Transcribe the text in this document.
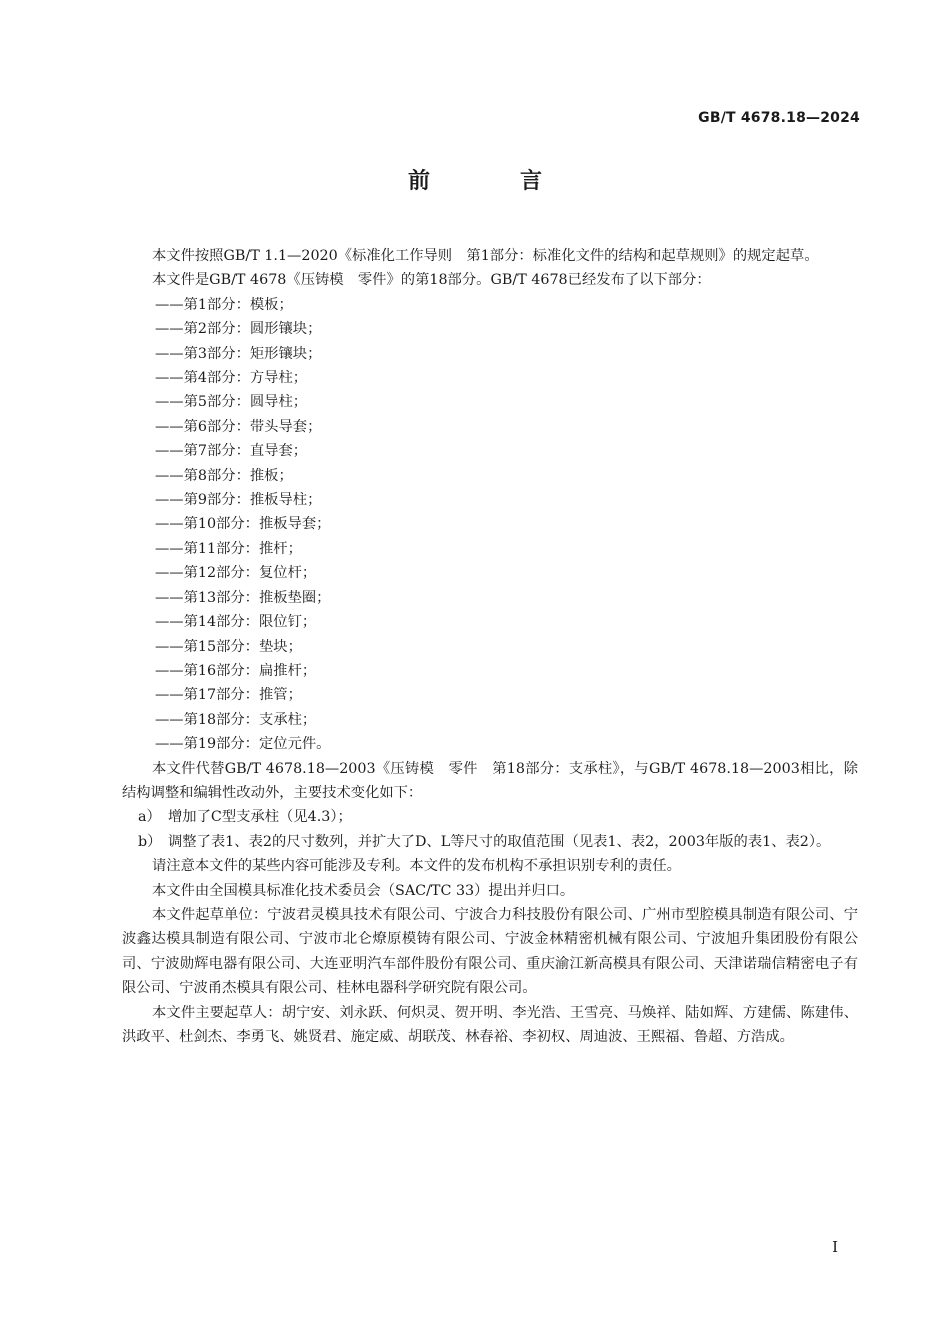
GB/T 4678.18—2024
前　言

本文件按照GB/T 1.1—2020《标准化工作导则　第1部分：标准化文件的结构和起草规则》的规定起草。

本文件是GB/T 4678《压铸模　零件》的第18部分。GB/T 4678已经发布了以下部分：

——第1部分：模板；

——第2部分：圆形镶块；

——第3部分：矩形镶块；

——第4部分：方导柱；

——第5部分：圆导柱；

——第6部分：带头导套；

——第7部分：直导套；

——第8部分：推板；

——第9部分：推板导柱；

——第10部分：推板导套；

——第11部分：推杆；

——第12部分：复位杆；

——第13部分：推板垫圈；

——第14部分：限位钉；

——第15部分：垫块；

——第16部分：扁推杆；

——第17部分：推管；

——第18部分：支承柱；

——第19部分：定位元件。

本文件代替GB/T 4678.18—2003《压铸模　零件　第18部分：支承柱》，与GB/T 4678.18—2003相比，除结构调整和编辑性改动外，主要技术变化如下：

a） 增加了C型支承柱（见4.3）；

b） 调整了表1、表2的尺寸数列，并扩大了D、L等尺寸的取值范围（见表1、表2，2003年版的表1、表2）。

请注意本文件的某些内容可能涉及专利。本文件的发布机构不承担识别专利的责任。

本文件由全国模具标准化技术委员会（SAC/TC 33）提出并归口。

本文件起草单位：宁波君灵模具技术有限公司、宁波合力科技股份有限公司、广州市型腔模具制造有限公司、宁波鑫达模具制造有限公司、宁波市北仑燎原模铸有限公司、宁波金林精密机械有限公司、宁波旭升集团股份有限公司、宁波勋辉电器有限公司、大连亚明汽车部件股份有限公司、重庆渝江新高模具有限公司、天津诺瑞信精密电子有限公司、宁波甬杰模具有限公司、桂林电器科学研究院有限公司。

本文件主要起草人：胡宁安、刘永跃、何炽灵、贺开明、李光浩、王雪亮、马焕祥、陆如辉、方建儒、陈建伟、洪政平、杜剑杰、李勇飞、姚贤君、施定威、胡联茂、林春裕、李初权、周迪波、王熙福、鲁超、方浩成。

Ⅰ
